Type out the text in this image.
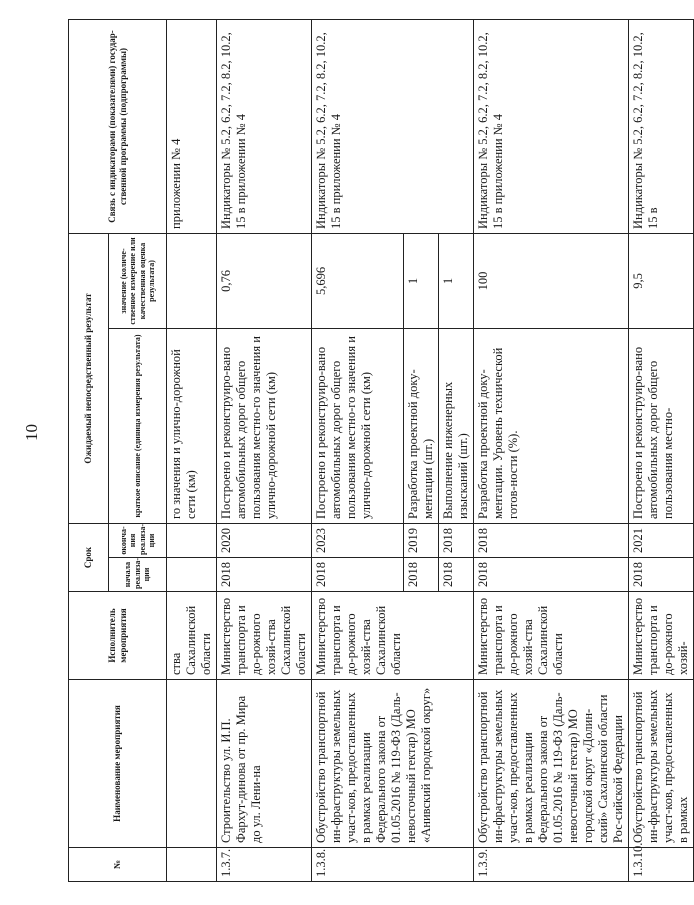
10
№	Наименование мероприятия	Исполнитель мероприятия	Срок		Ожидаемый непосредственный результат		Связь с индикаторами (показателями) государ-ственной программы (подпрограммы)
			начала реализа-ции	оконча-ния реализа-ции	краткое описание (единица измерения результата)	значение (количе-ственное измерение или качественная оценка результата)	
		ства Сахалинской области			го значения и улично-дорожной сети (км)		приложении № 4
1.3.7.	Строительство ул. И.П. Фархут-динова от пр. Мира до ул. Лени-на	Министерство транспорта и до-рожного хозяй-ства Сахалинской области	2018	2020	Построено и реконструиро-вано автомобильных дорог общего пользования местно-го значения и улично-дорожной сети (км)	0,76	Индикаторы № 5.2, 6.2, 7.2, 8.2, 10.2, 15 в приложении № 4
1.3.8.	Обустройство транспортной ин-фраструктуры земельных участ-ков, предоставленных в рамках реализации Федерального закона от 01.05.2016 № 119-ФЗ (Даль-невосточный гектар) МО «Анивский городской округ»	Министерство транспорта и до-рожного хозяй-ства Сахалинской области	2018	2023	Построено и реконструиро-вано автомобильных дорог общего пользования местно-го значения и улично-дорожной сети (км)	5,696	Индикаторы № 5.2, 6.2, 7.2, 8.2, 10.2, 15 в приложении № 4
			2018	2019	Разработка проектной доку-ментации (шт.)	1	
			2018	2018	Выполнение инженерных изысканий (шт.)	1	
1.3.9.	Обустройство транспортной ин-фраструктуры земельных участ-ков, предоставленных в рамках реализации Федерального закона от 01.05.2016 № 119-ФЗ (Даль-невосточный гектар) МО городской округ «Долин-ский» Сахалинской области Рос-сийской Федерации	Министерство транспорта и до-рожного хозяй-ства Сахалинской области	2018	2018	Разработка проектной доку-ментации. Уровень технической готов-ности (%).	100	Индикаторы № 5.2, 6.2, 7.2, 8.2, 10.2, 15 в приложении № 4
1.3.10.	Обустройство транспортной ин-фраструктуры земельных участ-ков, предоставленных в рамках	Министерство транспорта и до-рожного хозяй-	2018	2021	Построено и реконструиро-вано автомобильных дорог общего пользования местно-	9,5	Индикаторы № 5.2, 6.2, 7.2, 8.2, 10.2, 15 в
